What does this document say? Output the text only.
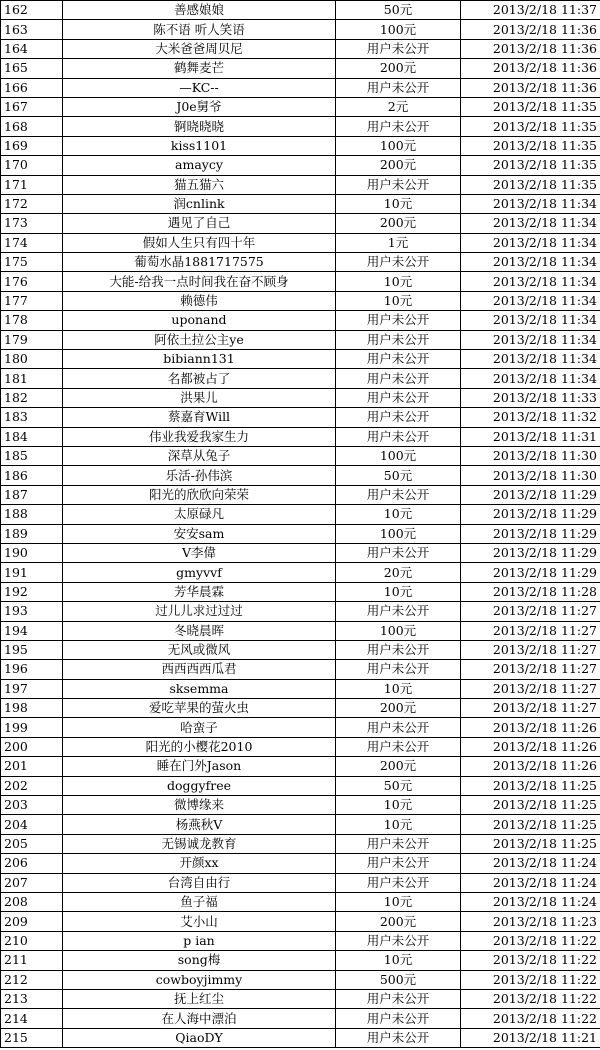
162	善感娘娘	50元	2013/2/18 11:37
163	陈不语 听人笑语	100元	2013/2/18 11:36
164	大米爸爸周贝尼	用户未公开	2013/2/18 11:36
165	鹤舞麦芒	200元	2013/2/18 11:36
166	—KC--	用户未公开	2013/2/18 11:36
167	J0e舅爷	2元	2013/2/18 11:35
168	锕晓晓晓	用户未公开	2013/2/18 11:35
169	kiss1101	100元	2013/2/18 11:35
170	amaycy	200元	2013/2/18 11:35
171	猫五猫六	用户未公开	2013/2/18 11:35
172	润cnlink	10元	2013/2/18 11:34
173	遇见了自己	200元	2013/2/18 11:34
174	假如人生只有四十年	1元	2013/2/18 11:34
175	葡萄水晶1881717575	用户未公开	2013/2/18 11:34
176	大能-给我一点时间我在奋不顾身	10元	2013/2/18 11:34
177	赖德伟	10元	2013/2/18 11:34
178	uponand	用户未公开	2013/2/18 11:34
179	阿依土拉公主ye	用户未公开	2013/2/18 11:34
180	bibiann131	用户未公开	2013/2/18 11:34
181	名都被占了	用户未公开	2013/2/18 11:34
182	洪果儿	用户未公开	2013/2/18 11:33
183	蔡嘉育Will	用户未公开	2013/2/18 11:32
184	伟业我爱我家生力	用户未公开	2013/2/18 11:31
185	深草从兔子	100元	2013/2/18 11:30
186	乐活-孙伟滨	50元	2013/2/18 11:30
187	阳光的欣欣向荣荣	用户未公开	2013/2/18 11:29
188	太原碌凡	10元	2013/2/18 11:29
189	安安sam	100元	2013/2/18 11:29
190	V李偉	用户未公开	2013/2/18 11:29
191	gmyvvf	20元	2013/2/18 11:29
192	芳华晨霖	10元	2013/2/18 11:28
193	过儿儿求过过过	用户未公开	2013/2/18 11:27
194	冬晓晨晖	100元	2013/2/18 11:27
195	无风或微风	用户未公开	2013/2/18 11:27
196	西西西西瓜君	用户未公开	2013/2/18 11:27
197	sksemma	10元	2013/2/18 11:27
198	爱吃苹果的萤火虫	200元	2013/2/18 11:27
199	哈蛮子	用户未公开	2013/2/18 11:26
200	阳光的小樱花2010	用户未公开	2013/2/18 11:26
201	睡在门外Jason	200元	2013/2/18 11:26
202	doggyfree	50元	2013/2/18 11:25
203	微博缘来	10元	2013/2/18 11:25
204	杨燕秋V	10元	2013/2/18 11:25
205	无锡诚龙教育	用户未公开	2013/2/18 11:25
206	开颜xx	用户未公开	2013/2/18 11:24
207	台湾自由行	用户未公开	2013/2/18 11:24
208	鱼子福	10元	2013/2/18 11:24
209	艾小山	200元	2013/2/18 11:23
210	p ian	用户未公开	2013/2/18 11:22
211	song梅	10元	2013/2/18 11:22
212	cowboyjimmy	500元	2013/2/18 11:22
213	抚上红尘	用户未公开	2013/2/18 11:22
214	在人海中漂泊	用户未公开	2013/2/18 11:22
215	QiaoDY	用户未公开	2013/2/18 11:21
